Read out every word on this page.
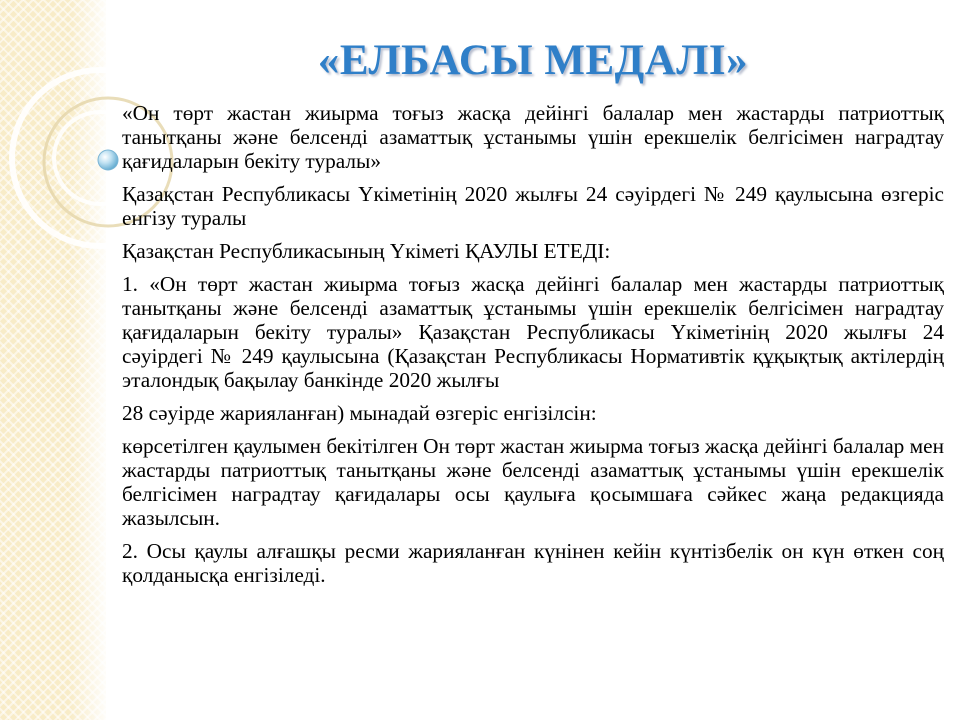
«ЕЛБАСЫ МЕДАЛІ»

«Он төрт жастан жиырма тоғыз жасқа дейінгі балалар мен жастарды патриоттық танытқаны және белсенді азаматтық ұстанымы үшін ерекшелік белгісімен наградтау қағидаларын бекіту туралы»

Қазақстан Республикасы Үкіметінің 2020 жылғы 24 сәуірдегі № 249 қаулысына өзгеріс енгізу туралы

Қазақстан Республикасының Үкіметі ҚАУЛЫ ЕТЕДІ:

1. «Он төрт жастан жиырма тоғыз жасқа дейінгі балалар мен жастарды патриоттық танытқаны және белсенді азаматтық ұстанымы үшін ерекшелік белгісімен наградтау қағидаларын бекіту туралы» Қазақстан Республикасы Үкіметінің 2020 жылғы 24 сәуірдегі № 249 қаулысына (Қазақстан Республикасы Нормативтік құқықтық актілердің эталондық бақылау банкінде 2020 жылғы

28 сәуірде жарияланған) мынадай өзгеріс енгізілсін:

көрсетілген қаулымен бекітілген Он төрт жастан жиырма тоғыз жасқа дейінгі балалар мен жастарды патриоттық танытқаны және белсенді азаматтық ұстанымы үшін ерекшелік белгісімен наградтау қағидалары осы қаулыға қосымшаға сәйкес жаңа редакцияда жазылсын.

2. Осы қаулы алғашқы ресми жарияланған күнінен кейін күнтізбелік он күн өткен соң қолданысқа енгізіледі.
